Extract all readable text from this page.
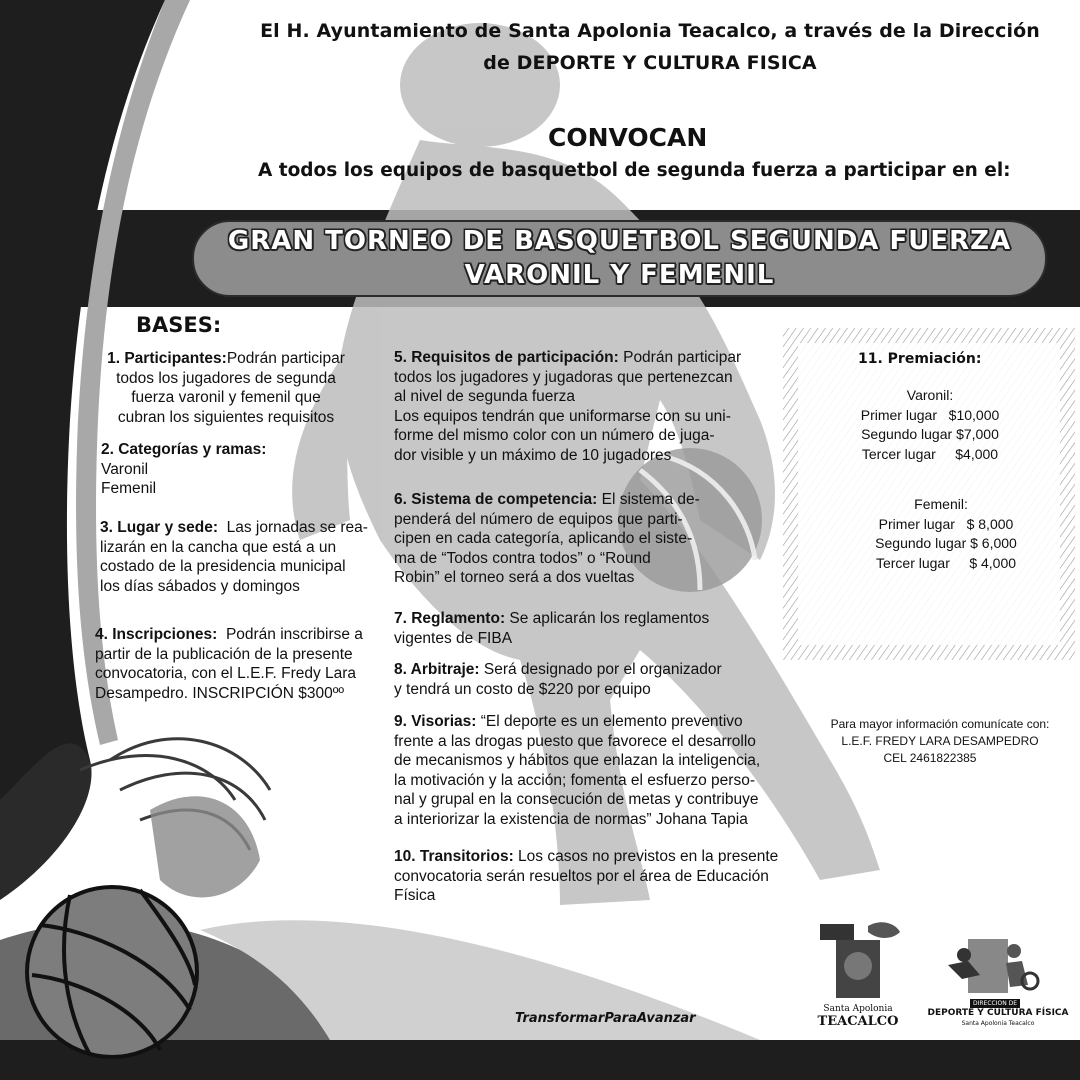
El H. Ayuntamiento de Santa Apolonia Teacalco, a través de la Dirección
de DEPORTE Y CULTURA FISICA
CONVOCAN
A todos los equipos de basquetbol de segunda fuerza a participar en el:
GRAN TORNEO DE BASQUETBOL SEGUNDA FUERZA
VARONIL Y FEMENIL
BASES:
1. Participantes:Podrán participar
todos los jugadores de segunda
fuerza varonil y femenil que
cubran los siguientes requisitos
2. Categorías y ramas:
Varonil
Femenil
3. Lugar y sede:  Las jornadas se rea-
lizarán en la cancha que está a un
costado de la presidencia municipal
los días sábados y domingos
4. Inscripciones:  Podrán inscribirse a
partir de la publicación de la presente
convocatoria, con el L.E.F. Fredy Lara
Desampedro. INSCRIPCIÓN $300ºº
5. Requisitos de participación: Podrán participar
todos los jugadores y jugadoras que pertenezcan
al nivel de segunda fuerza
Los equipos tendrán que uniformarse con su uni-
forme del mismo color con un número de juga-
dor visible y un máximo de 10 jugadores
6. Sistema de competencia: El sistema de-
penderá del número de equipos que parti-
cipen en cada categoría, aplicando el siste-
ma de “Todos contra todos” o “Round
Robin” el torneo será a dos vueltas
7. Reglamento: Se aplicarán los reglamentos
vigentes de FIBA
8. Arbitraje: Será designado por el organizador
y tendrá un costo de $220 por equipo
9. Visorias: “El deporte es un elemento preventivo
frente a las drogas puesto que favorece el desarrollo
de mecanismos y hábitos que enlazan la inteligencia,
la motivación y la acción; fomenta el esfuerzo perso-
nal y grupal en la consecución de metas y contribuye
a interiorizar la existencia de normas” Johana Tapia
10. Transitorios: Los casos no previstos en la presente
convocatoria serán resueltos por el área de Educación
Física
11. Premiación:
Varonil:
Primer lugar $10,000
Segundo lugar $7,000
Tercer lugar $4,000
Femenil:
Primer lugar $ 8,000
Segundo lugar $ 6,000
Tercer lugar $ 4,000
Para mayor información comunícate con:
L.E.F. FREDY LARA DESAMPEDRO
CEL 2461822385
TransformarParaAvanzar
Santa Apolonia
TEACALCO
DIRECCION DE
DEPORTE Y CULTURA FÍSICA
Santa Apolonia Teacalco
